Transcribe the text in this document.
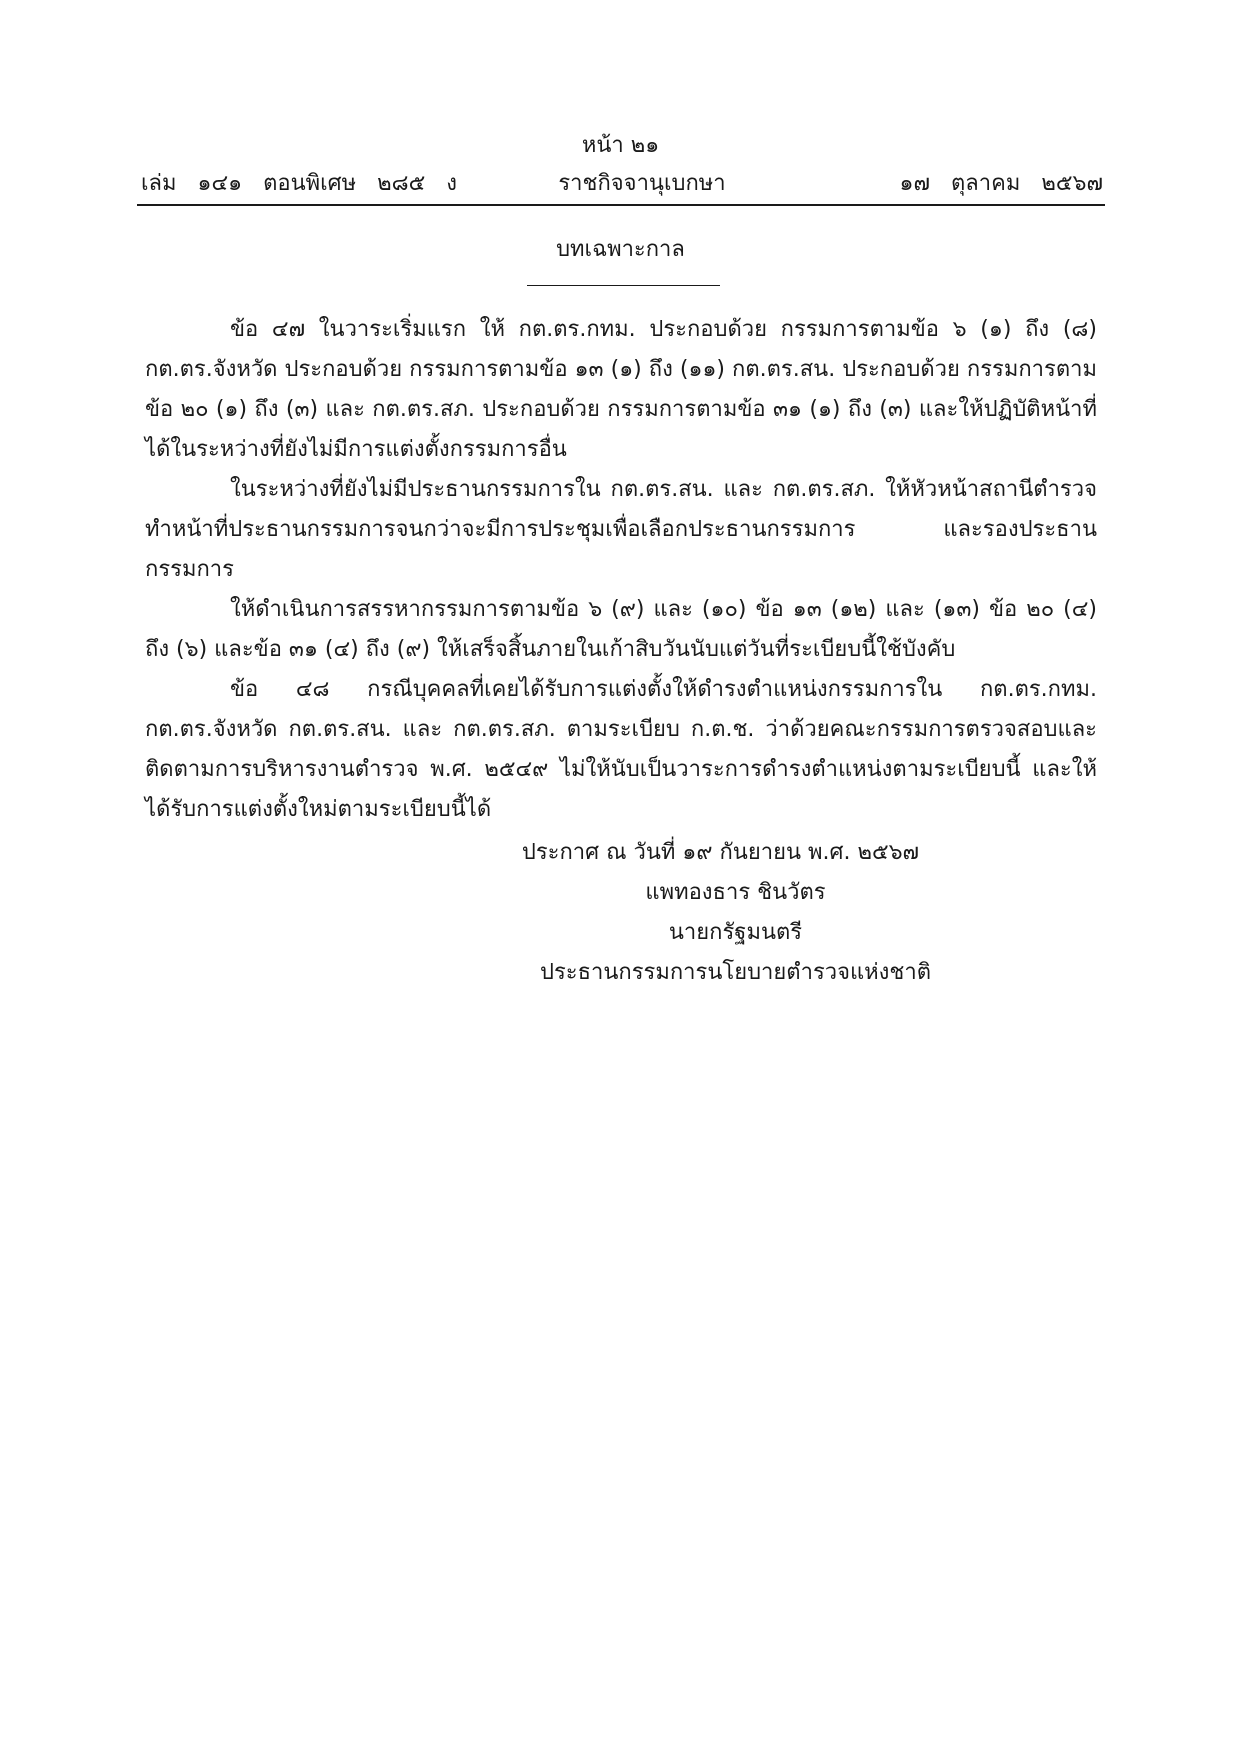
หน้า ๒๑
เล่ม ๑๔๑ ตอนพิเศษ ๒๘๕ ง	ราชกิจจานุเบกษา	๑๗ ตุลาคม ๒๕๖๗
บทเฉพาะกาล

ข้อ ๔๗ ในวาระเริ่มแรก ให้ กต.ตร.กทม. ประกอบด้วย กรรมการตามข้อ ๖ (๑) ถึง (๘) กต.ตร.จังหวัด ประกอบด้วย กรรมการตามข้อ ๑๓ (๑) ถึง (๑๑) กต.ตร.สน. ประกอบด้วย กรรมการตามข้อ ๒๐ (๑) ถึง (๓) และ กต.ตร.สภ. ประกอบด้วย กรรมการตามข้อ ๓๑ (๑) ถึง (๓) และให้ปฏิบัติหน้าที่ได้ในระหว่างที่ยังไม่มีการแต่งตั้งกรรมการอื่น

ในระหว่างที่ยังไม่มีประธานกรรมการใน กต.ตร.สน. และ กต.ตร.สภ. ให้หัวหน้าสถานีตำรวจทำหน้าที่ประธานกรรมการจนกว่าจะมีการประชุมเพื่อเลือกประธานกรรมการ และรองประธานกรรมการ

ให้ดำเนินการสรรหากรรมการตามข้อ ๖ (๙) และ (๑๐) ข้อ ๑๓ (๑๒) และ (๑๓) ข้อ ๒๐ (๔) ถึง (๖) และข้อ ๓๑ (๔) ถึง (๙) ให้เสร็จสิ้นภายในเก้าสิบวันนับแต่วันที่ระเบียบนี้ใช้บังคับ

ข้อ ๔๘ กรณีบุคคลที่เคยได้รับการแต่งตั้งให้ดำรงตำแหน่งกรรมการใน กต.ตร.กทม. กต.ตร.จังหวัด กต.ตร.สน. และ กต.ตร.สภ. ตามระเบียบ ก.ต.ช. ว่าด้วยคณะกรรมการตรวจสอบและติดตามการบริหารงานตำรวจ พ.ศ. ๒๕๔๙ ไม่ให้นับเป็นวาระการดำรงตำแหน่งตามระเบียบนี้ และให้ได้รับการแต่งตั้งใหม่ตามระเบียบนี้ได้

ประกาศ ณ วันที่ ๑๙ กันยายน พ.ศ. ๒๕๖๗
แพทองธาร ชินวัตร
นายกรัฐมนตรี
ประธานกรรมการนโยบายตำรวจแห่งชาติ
